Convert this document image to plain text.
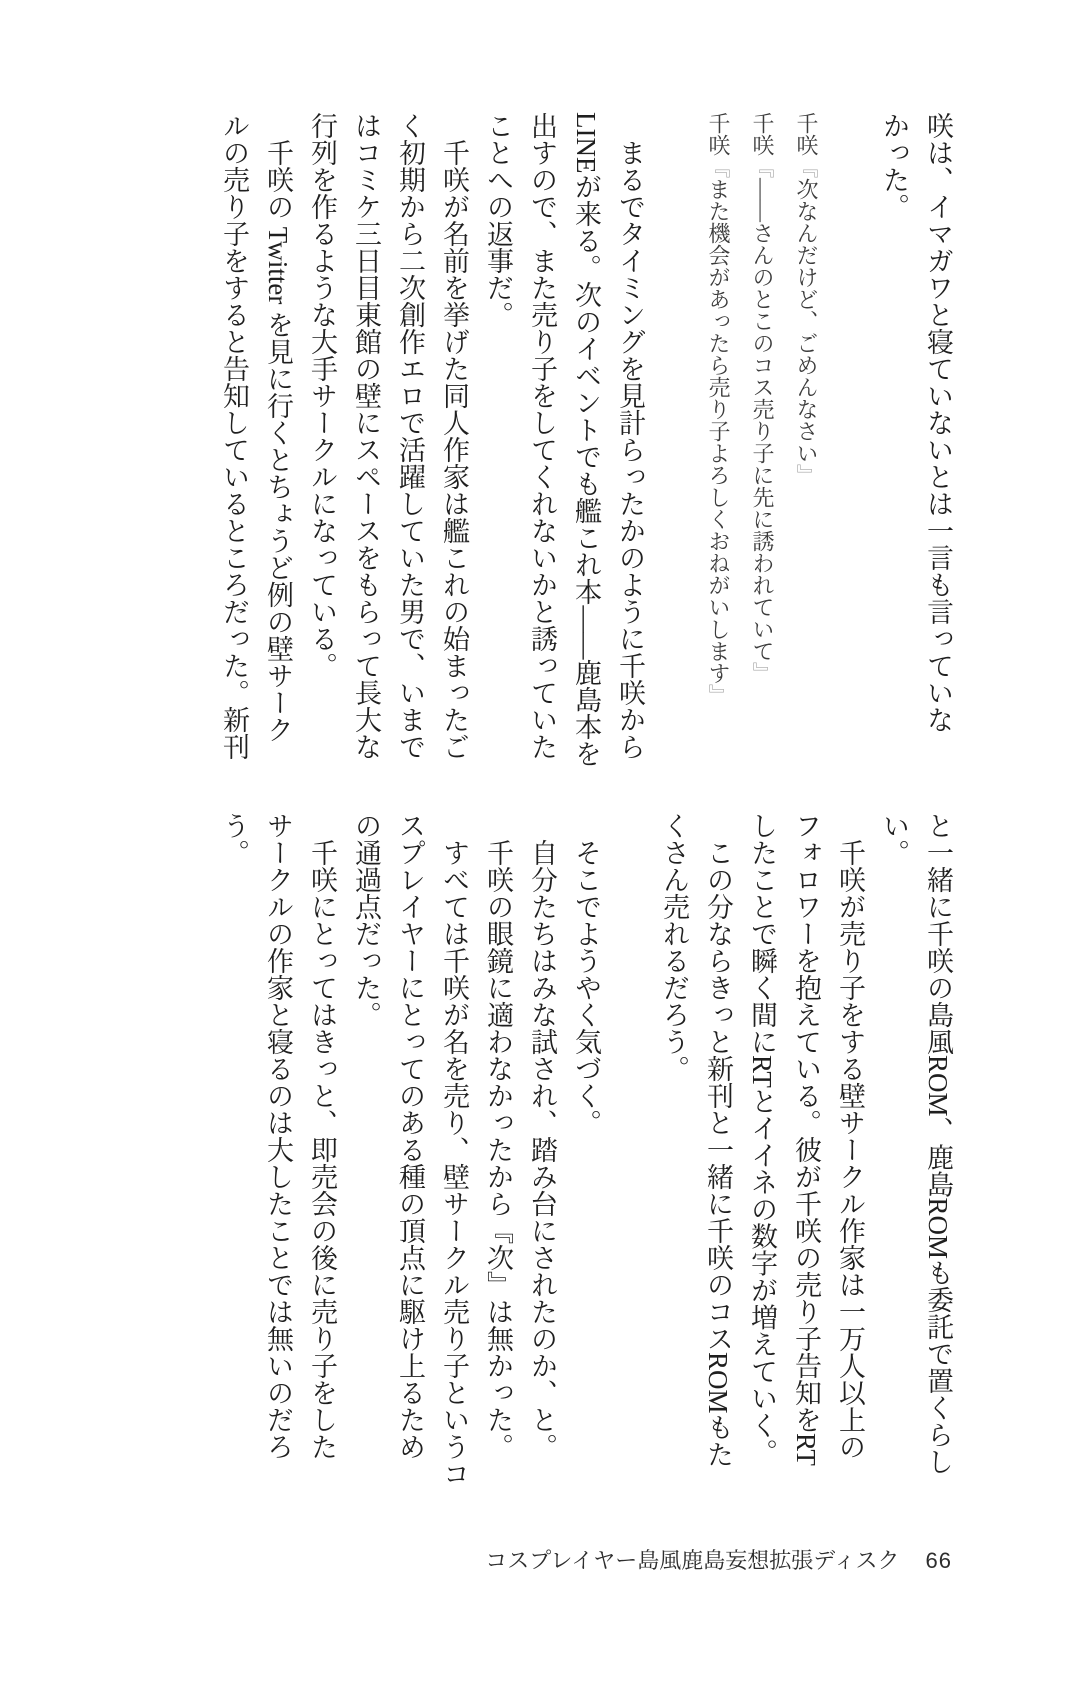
咲は、イマガワと寝ていないとは一言も言っていな
かった。
千咲『次なんだけど、ごめんなさい』
千咲『――さんのとこのコス売り子に先に誘われていて』
千咲『また機会があったら売り子よろしくおねがいします』
まるでタイミングを見計らったかのように千咲から
LINEが来る。次のイベントでも艦これ本――鹿島本を
出すので、また売り子をしてくれないかと誘っていた
ことへの返事だ。
千咲が名前を挙げた同人作家は艦これの始まったご
く初期から二次創作エロで活躍していた男で、いまで
はコミケ三日目東館の壁にスペースをもらって長大な
行列を作るような大手サークルになっている。
千咲の Twitter を見に行くとちょうど例の壁サーク
ルの売り子をすると告知しているところだった。新刊
と一緒に千咲の島風ROM、鹿島ROMも委託で置くらし
い。
千咲が売り子をする壁サークル作家は一万人以上の
フォロワーを抱えている。彼が千咲の売り子告知をRT
したことで瞬く間にRTとイイネの数字が増えていく。
この分ならきっと新刊と一緒に千咲のコスROMもた
くさん売れるだろう。
そこでようやく気づく。
自分たちはみな試され、踏み台にされたのか、と。
千咲の眼鏡に適わなかったから『次』は無かった。
すべては千咲が名を売り、壁サークル売り子というコ
スプレイヤーにとってのある種の頂点に駆け上るため
の通過点だった。
千咲にとってはきっと、即売会の後に売り子をした
サークルの作家と寝るのは大したことでは無いのだろ
う。
コスプレイヤー島風鹿島妄想拡張ディスク 66
